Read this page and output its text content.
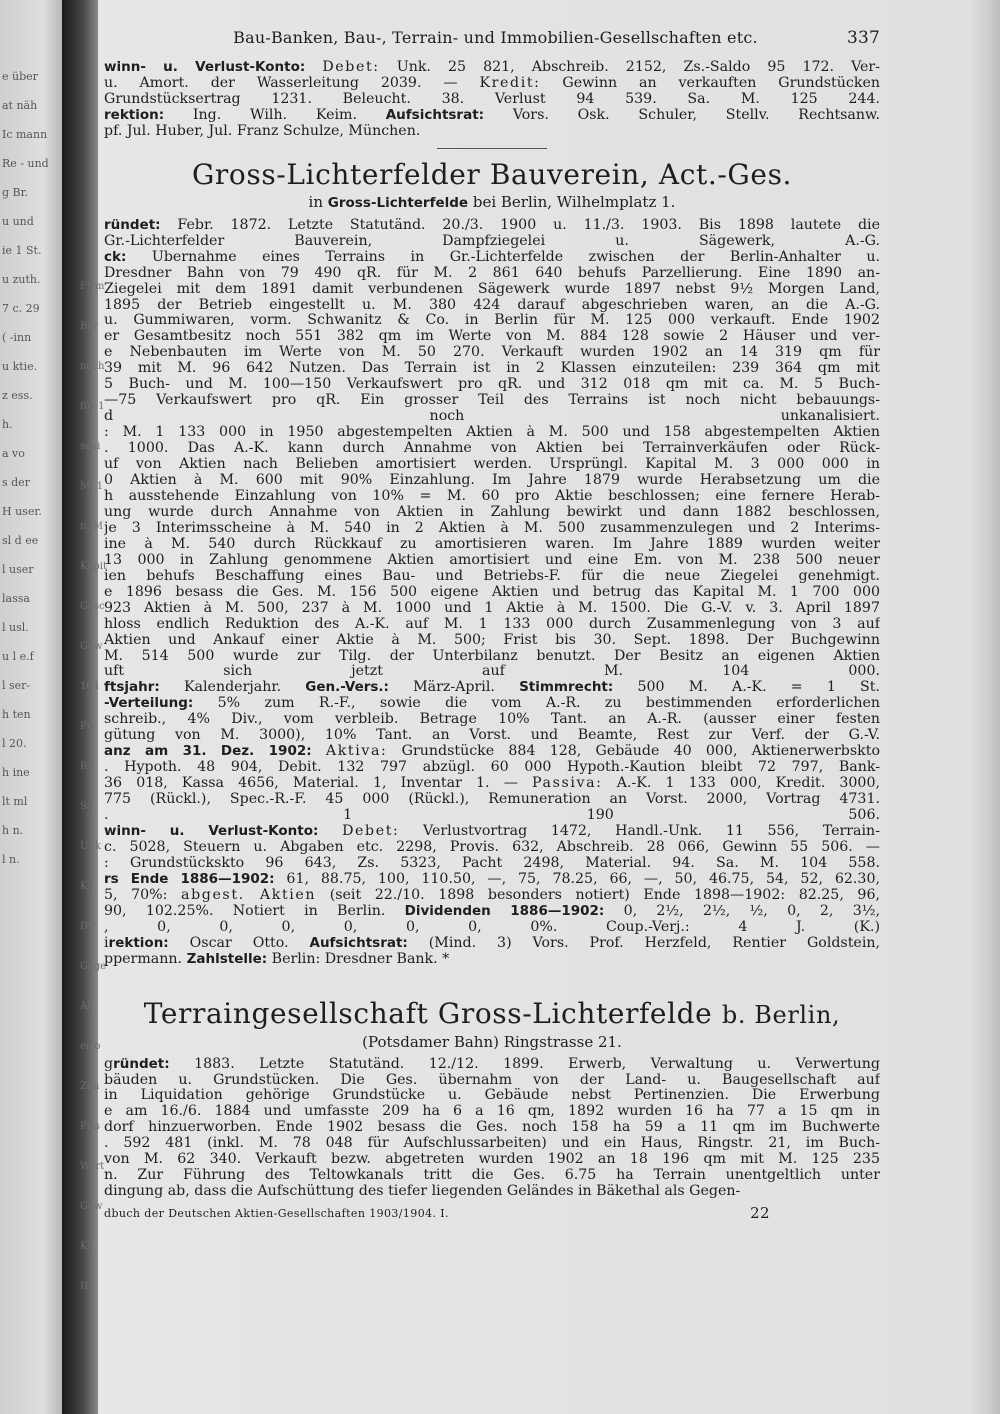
e über
at näh
Ic mann
Re - und
g Br.
u und
ie 1 St.
u zuth.
7 c. 29
( -inn
u ktie.
z ess.
h.
a vo
s der
H user.
sl d ee
l user
lassa
l usl.
u l e.f
l ser-
h ten
l 20.
h ine
lt ml
h n.
l n.
Firm
Ber
nach
für 1
schi
M. 1
n. M
Kapit
Gesc
Gew
104
Pri
R-I
Sa
Unk
Kr
Dir.
Gege
Ak
erfo
Zeh
Pris
Wert
Gew
Ki
II
Bau-Banken, Bau-, Terrain- und Immobilien-Gesellschaften etc.	337
winn- u. Verlust-Konto: Debet: Unk. 25 821, Abschreib. 2152, Zs.-Saldo 95 172. Ver-
u. Amort. der Wasserleitung 2039. — Kredit: Gewinn an verkauften Grundstücken
Grundstücksertrag 1231. Beleucht. 38. Verlust 94 539. Sa. M. 125 244.
rektion: Ing. Wilh. Keim. Aufsichtsrat: Vors. Osk. Schuler, Stellv. Rechtsanw.
pf. Jul. Huber, Jul. Franz Schulze, München.
Gross-Lichterfelder Bauverein, Act.-Ges.
in Gross-Lichterfelde bei Berlin, Wilhelmplatz 1.
ründet: Febr. 1872. Letzte Statutänd. 20./3. 1900 u. 11./3. 1903. Bis 1898 lautete die
Gr.-Lichterfelder Bauverein, Dampfziegelei u. Sägewerk, A.-G.
ck: Übernahme eines Terrains in Gr.-Lichterfelde zwischen der Berlin-Anhalter u.
Dresdner Bahn von 79 490 qR. für M. 2 861 640 behufs Parzellierung. Eine 1890 an-
Ziegelei mit dem 1891 damit verbundenen Sägewerk wurde 1897 nebst 9½ Morgen Land,
1895 der Betrieb eingestellt u. M. 380 424 darauf abgeschrieben waren, an die A.-G.
u. Gummiwaren, vorm. Schwanitz & Co. in Berlin für M. 125 000 verkauft. Ende 1902
er Gesamtbesitz noch 551 382 qm im Werte von M. 884 128 sowie 2 Häuser und ver-
e Nebenbauten im Werte von M. 50 270. Verkauft wurden 1902 an 14 319 qm für
39 mit M. 96 642 Nutzen. Das Terrain ist in 2 Klassen einzuteilen: 239 364 qm mit
5 Buch- und M. 100—150 Verkaufswert pro qR. und 312 018 qm mit ca. M. 5 Buch-
—75 Verkaufswert pro qR. Ein grosser Teil des Terrains ist noch nicht bebauungs-
d noch unkanalisiert.
: M. 1 133 000 in 1950 abgestempelten Aktien à M. 500 und 158 abgestempelten Aktien
. 1000. Das A.-K. kann durch Annahme von Aktien bei Terrainverkäufen oder Rück-
uf von Aktien nach Belieben amortisiert werden. Ursprüngl. Kapital M. 3 000 000 in
0 Aktien à M. 600 mit 90% Einzahlung. Im Jahre 1879 wurde Herabsetzung um die
h ausstehende Einzahlung von 10% = M. 60 pro Aktie beschlossen; eine fernere Herab-
ung wurde durch Annahme von Aktien in Zahlung bewirkt und dann 1882 beschlossen,
je 3 Interimsscheine à M. 540 in 2 Aktien à M. 500 zusammenzulegen und 2 Interims-
ine à M. 540 durch Rückkauf zu amortisieren waren. Im Jahre 1889 wurden weiter
13 000 in Zahlung genommene Aktien amortisiert und eine Em. von M. 238 500 neuer
ien behufs Beschaffung eines Bau- und Betriebs-F. für die neue Ziegelei genehmigt.
e 1896 besass die Ges. M. 156 500 eigene Aktien und betrug das Kapital M. 1 700 000
923 Aktien à M. 500, 237 à M. 1000 und 1 Aktie à M. 1500. Die G.-V. v. 3. April 1897
hloss endlich Reduktion des A.-K. auf M. 1 133 000 durch Zusammenlegung von 3 auf
Aktien und Ankauf einer Aktie à M. 500; Frist bis 30. Sept. 1898. Der Buchgewinn
M. 514 500 wurde zur Tilg. der Unterbilanz benutzt. Der Besitz an eigenen Aktien
uft sich jetzt auf M. 104 000.
ftsjahr: Kalenderjahr. Gen.-Vers.: März-April. Stimmrecht: 500 M. A.-K. = 1 St.
-Verteilung: 5% zum R.-F., sowie die vom A.-R. zu bestimmenden erforderlichen
schreib., 4% Div., vom verbleib. Betrage 10% Tant. an A.-R. (ausser einer festen
gütung von M. 3000), 10% Tant. an Vorst. und Beamte, Rest zur Verf. der G.-V.
anz am 31. Dez. 1902: Aktiva: Grundstücke 884 128, Gebäude 40 000, Aktienerwerbskto
. Hypoth. 48 904, Debit. 132 797 abzügl. 60 000 Hypoth.-Kaution bleibt 72 797, Bank-
36 018, Kassa 4656, Material. 1, Inventar 1. — Passiva: A.-K. 1 133 000, Kredit. 3000,
775 (Rückl.), Spec.-R.-F. 45 000 (Rückl.), Remuneration an Vorst. 2000, Vortrag 4731.
. 1 190 506.
winn- u. Verlust-Konto: Debet: Verlustvortrag 1472, Handl.-Unk. 11 556, Terrain-
c. 5028, Steuern u. Abgaben etc. 2298, Provis. 632, Abschreib. 28 066, Gewinn 55 506. —
: Grundstücksktо 96 643, Zs. 5323, Pacht 2498, Material. 94. Sa. M. 104 558.
rs Ende 1886—1902: 61, 88.75, 100, 110.50, —, 75, 78.25, 66, —, 50, 46.75, 54, 52, 62.30,
5, 70%: abgest. Aktien (seit 22./10. 1898 besonders notiert) Ende 1898—1902: 82.25, 96,
90, 102.25%. Notiert in Berlin. Dividenden 1886—1902: 0, 2½, 2½, ½, 0, 2, 3½,
, 0, 0, 0, 0, 0, 0, 0%. Coup.-Verj.: 4 J. (K.)
irektion: Oscar Otto. Aufsichtsrat: (Mind. 3) Vors. Prof. Herzfeld, Rentier Goldstein,
ppermann. Zahlstelle: Berlin: Dresdner Bank. *
Terraingesellschaft Gross-Lichterfelde b. Berlin,
(Potsdamer Bahn) Ringstrasse 21.
gründet: 1883. Letzte Statutänd. 12./12. 1899. Erwerb, Verwaltung u. Verwertung
bäuden u. Grundstücken. Die Ges. übernahm von der Land- u. Baugesellschaft auf
in Liquidation gehörige Grundstücke u. Gebäude nebst Pertinenzien. Die Erwerbung
e am 16./6. 1884 und umfasste 209 ha 6 a 16 qm, 1892 wurden 16 ha 77 a 15 qm in
dorf hinzuerworben. Ende 1902 besass die Ges. noch 158 ha 59 a 11 qm im Buchwerte
. 592 481 (inkl. M. 78 048 für Aufschlussarbeiten) und ein Haus, Ringstr. 21, im Buch-
von M. 62 340. Verkauft bezw. abgetreten wurden 1902 an 18 196 qm mit M. 125 235
n. Zur Führung des Teltowkanals tritt die Ges. 6.75 ha Terrain unentgeltlich unter
dingung ab, dass die Aufschüttung des tiefer liegenden Geländes in Bäkethal als Gegen-
dbuch der Deutschen Aktien-Gesellschaften 1903/1904. I.	22
